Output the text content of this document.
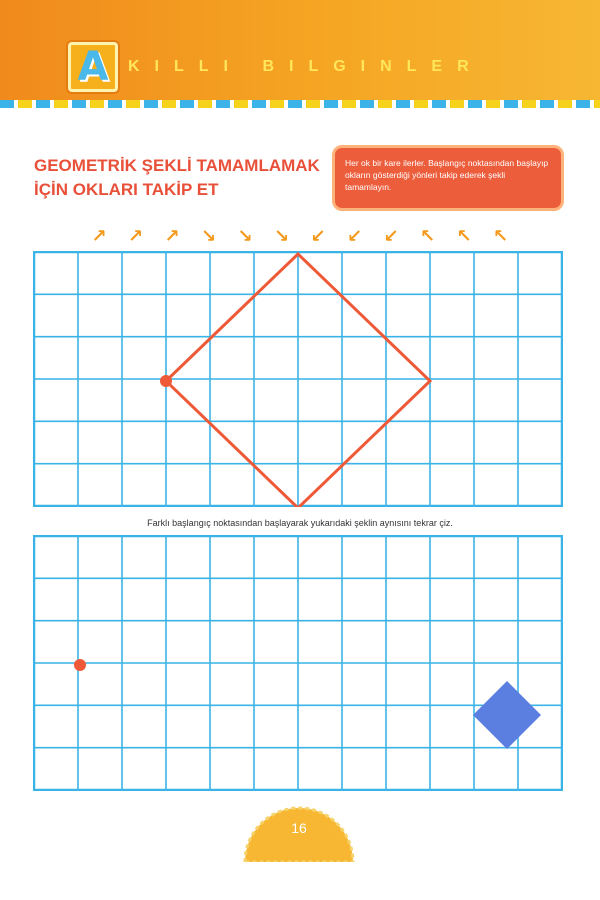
A KILLI BILGINLER
GEOMETRİK ŞEKLİ TAMAMLAMAK
İÇİN OKLARI TAKİP ET
Her ok bir kare ilerler. Başlangıç noktasından başlayıp okların gösterdiği yönleri takip ederek şekli tamamlayın.
↗ ↗ ↗ ↘ ↘ ↘ ↙ ↙ ↙ ↖ ↖ ↖
Farklı başlangıç noktasından başlayarak yukarıdaki şeklin aynısını tekrar çiz.
16
